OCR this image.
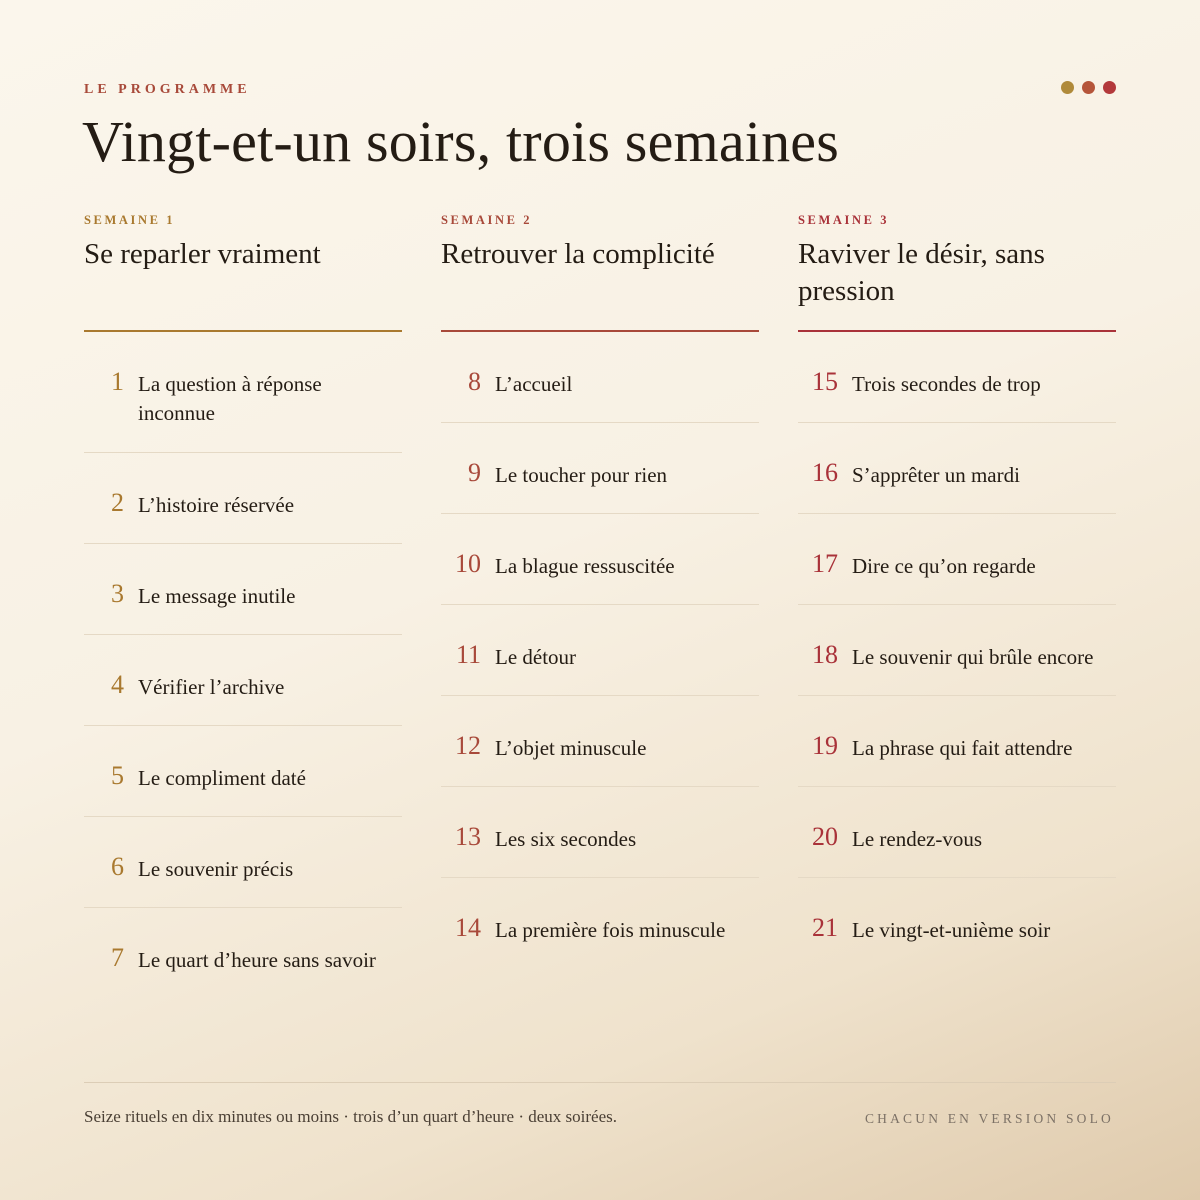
LE PROGRAMME
Vingt-et-un soirs, trois semaines
SEMAINE 1
Se reparler vraiment
1 La question à réponse inconnue
2 L’histoire réservée
3 Le message inutile
4 Vérifier l’archive
5 Le compliment daté
6 Le souvenir précis
7 Le quart d’heure sans savoir
SEMAINE 2
Retrouver la complicité
8 L’accueil
9 Le toucher pour rien
10 La blague ressuscitée
11 Le détour
12 L’objet minuscule
13 Les six secondes
14 La première fois minuscule
SEMAINE 3
Raviver le désir, sans pression
15 Trois secondes de trop
16 S’apprêter un mardi
17 Dire ce qu’on regarde
18 Le souvenir qui brûle encore
19 La phrase qui fait attendre
20 Le rendez-vous
21 Le vingt-et-unième soir
Seize rituels en dix minutes ou moins · trois d’un quart d’heure · deux soirées.	CHACUN EN VERSION SOLO
